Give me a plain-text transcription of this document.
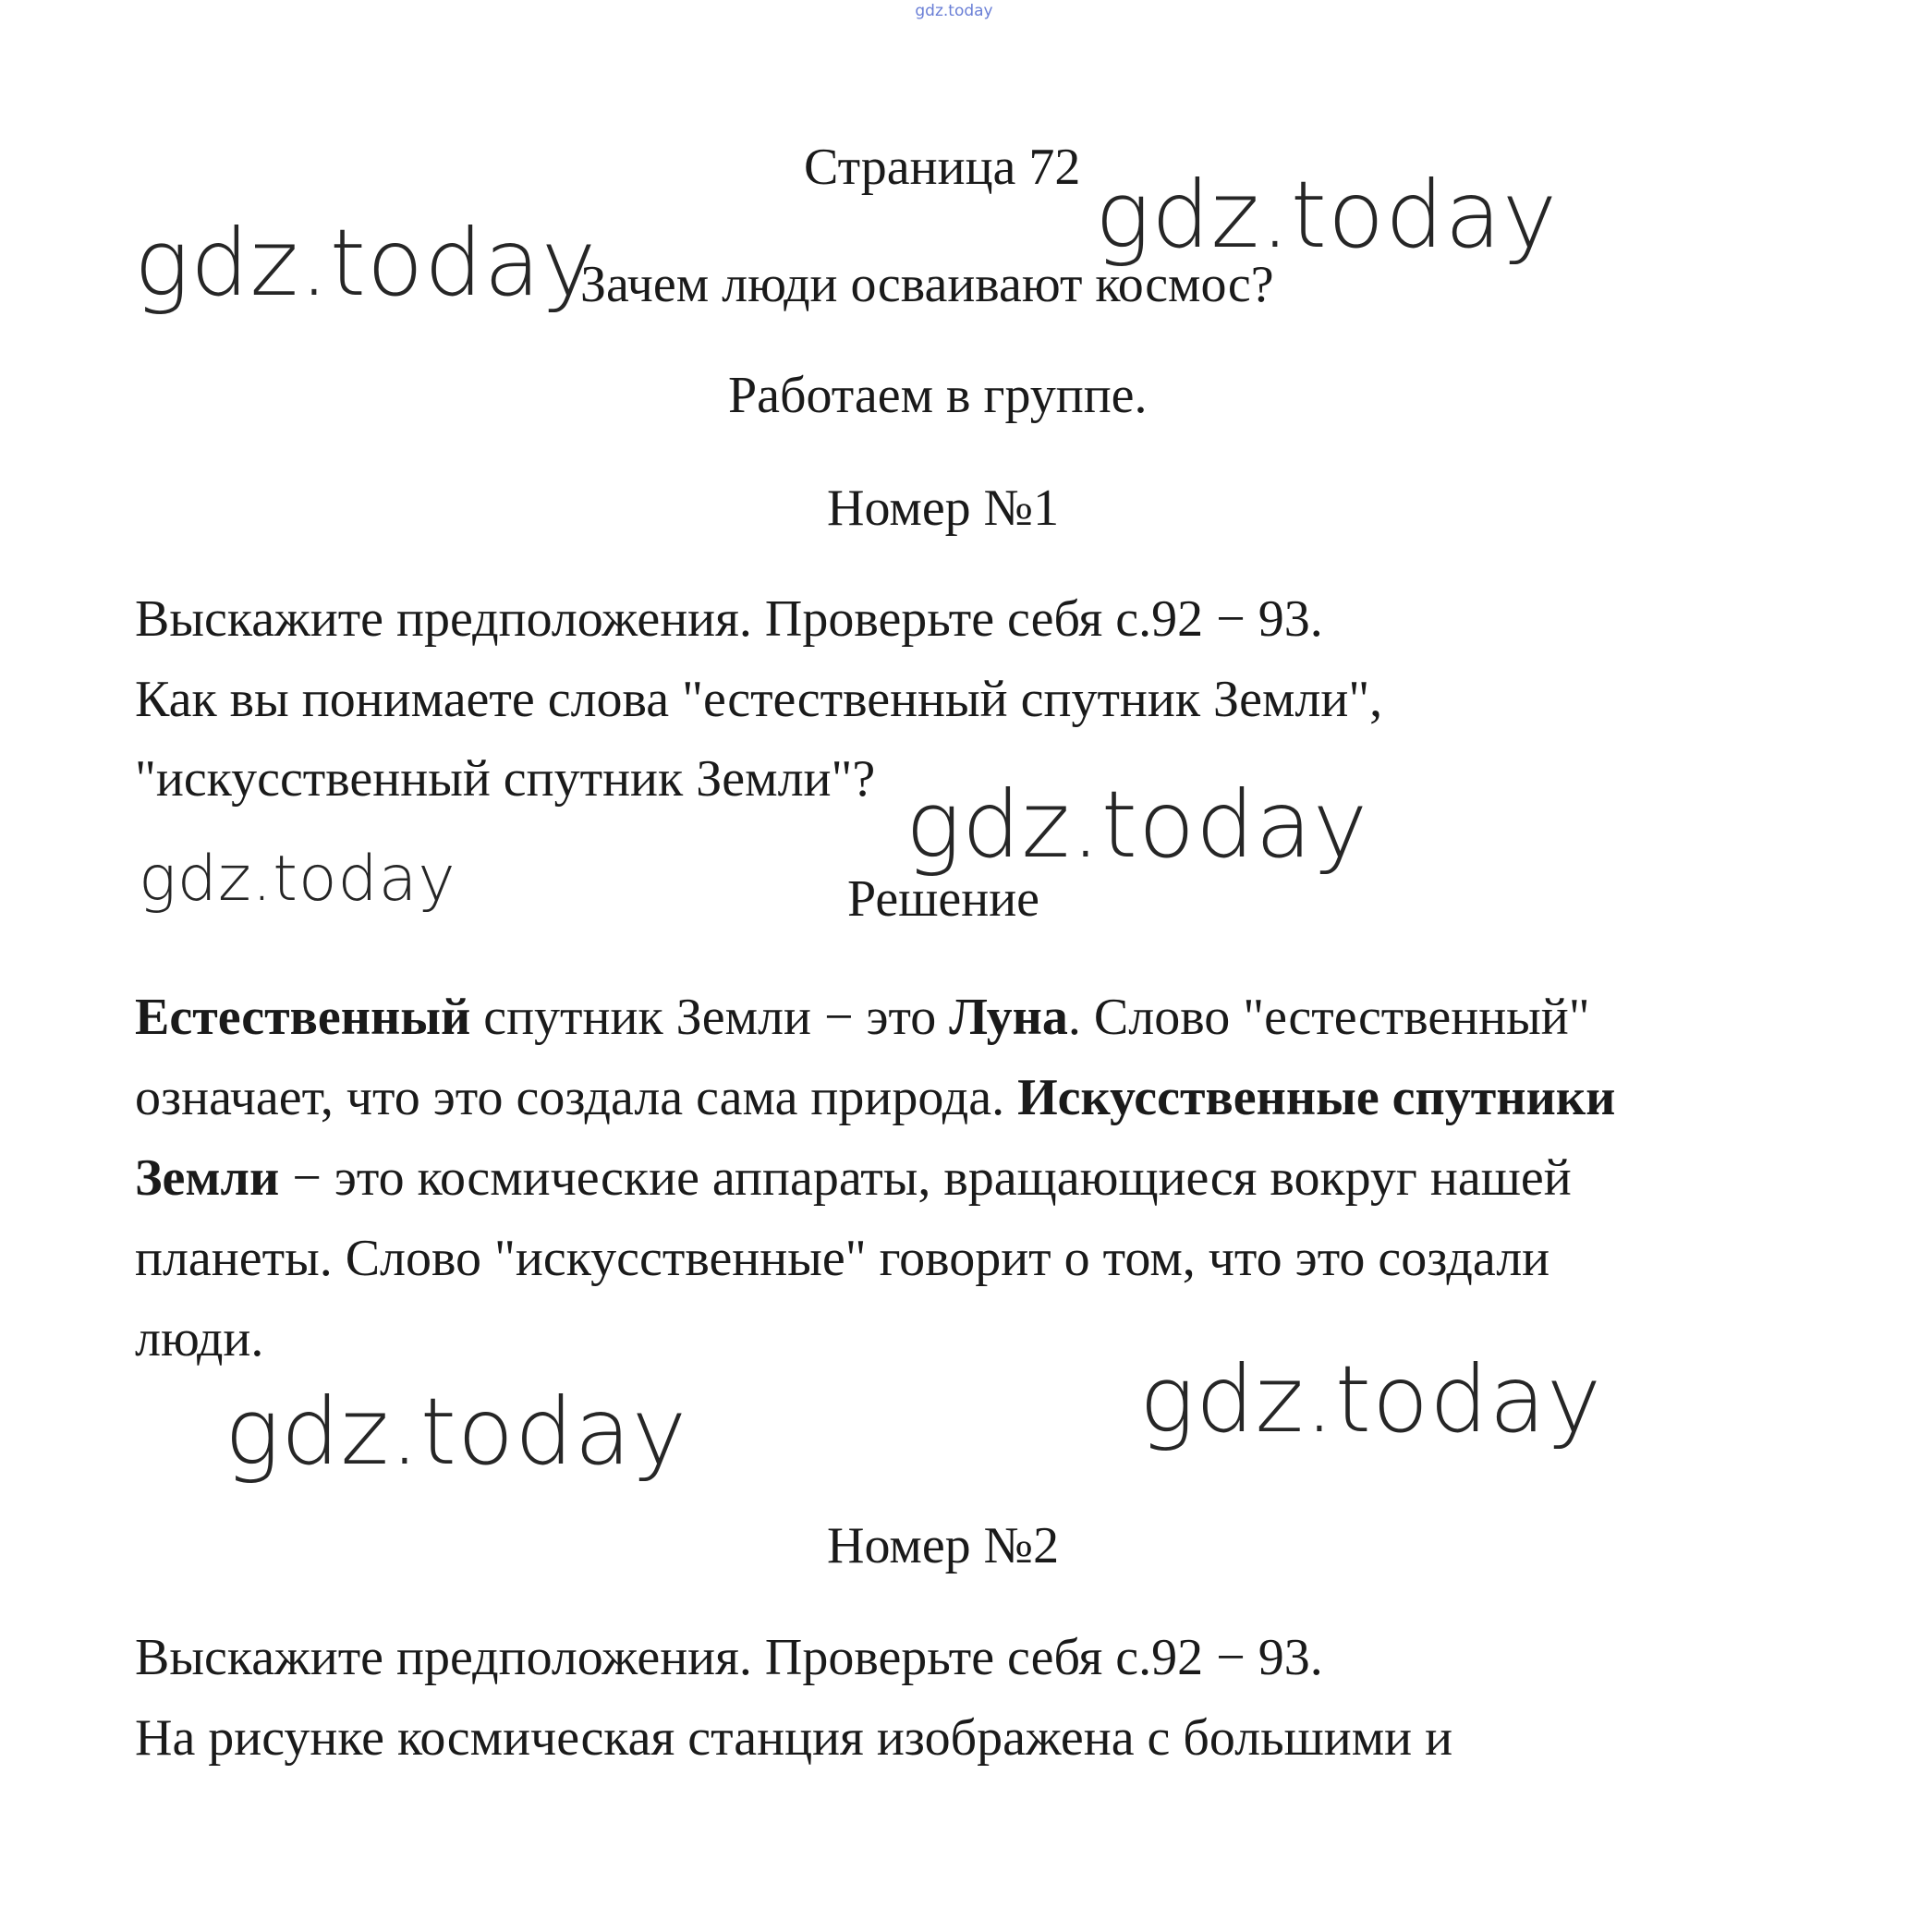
gdz.today
gdz.today
gdz.today
gdz.today
gdz.today
gdz.today
gdz.today
Страница 72
Зачем люди осваивают космос?
Работаем в группе.
Номер №1
Выскажите предположения. Проверьте себя с.92 − 93.
Как вы понимаете слова "естественный спутник Земли",
"искусственный спутник Земли"?
Решение
Естественный спутник Земли − это Луна. Слово "естественный"
означает, что это создала сама природа. Искусственные спутники
Земли − это космические аппараты, вращающиеся вокруг нашей
планеты. Слово "искусственные" говорит о том, что это создали
люди.
Номер №2
Выскажите предположения. Проверьте себя с.92 − 93.
На рисунке космическая станция изображена с большими и
